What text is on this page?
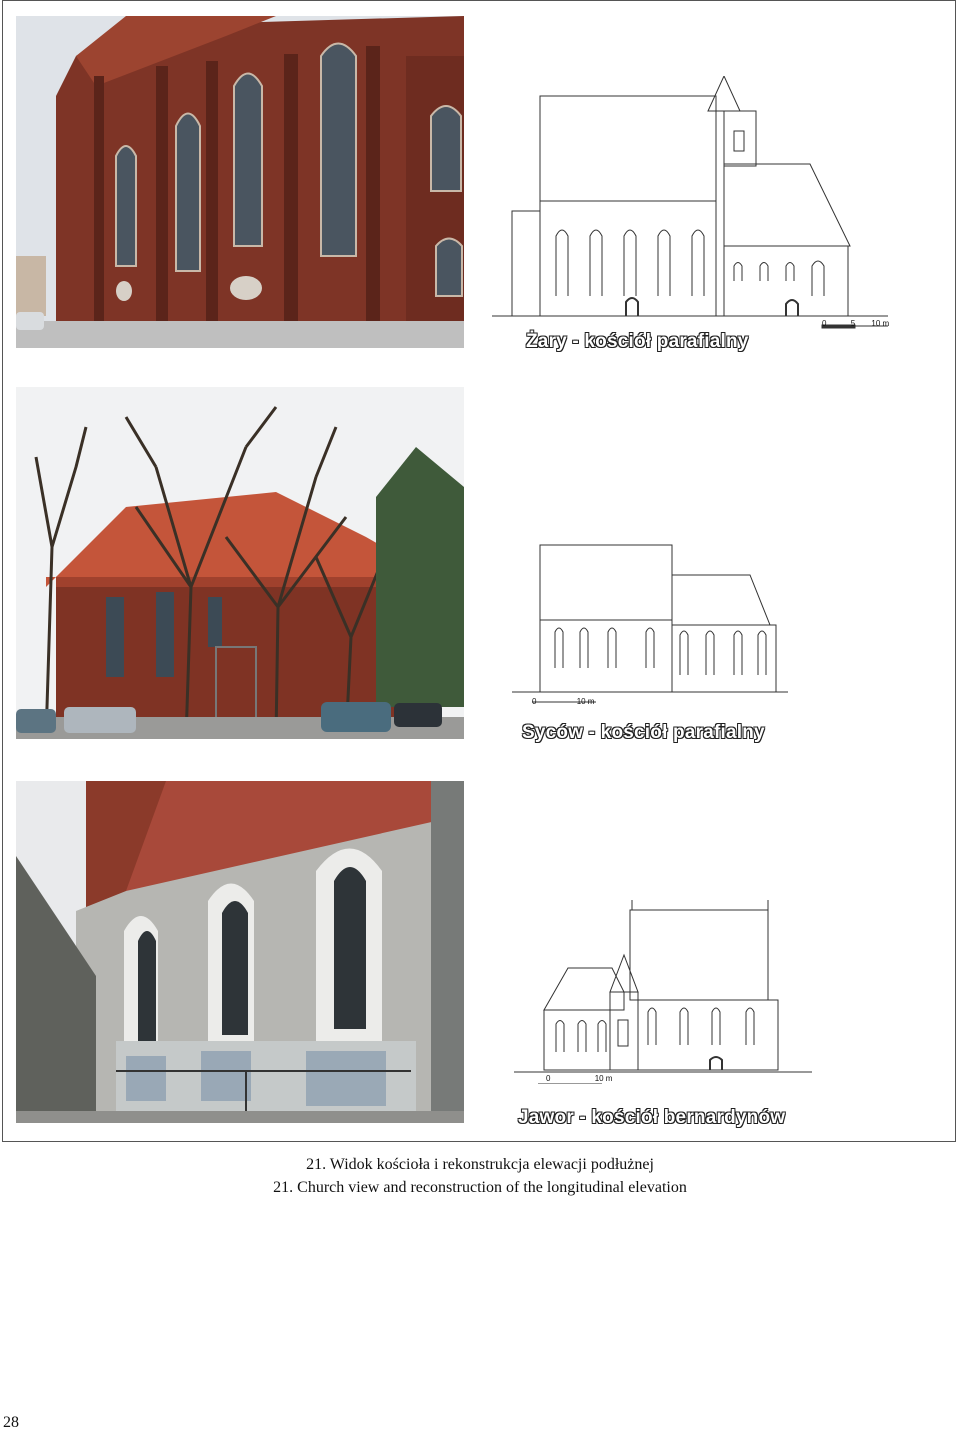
0	5 10 m
Żary - kościół parafialny
0	10 m
Syców - kościół parafialny
0	10 m
Jawor - kościół bernardynów
21. Widok kościoła i rekonstrukcja elewacji podłużnej
21. Church view and reconstruction of the longitudinal elevation
28
